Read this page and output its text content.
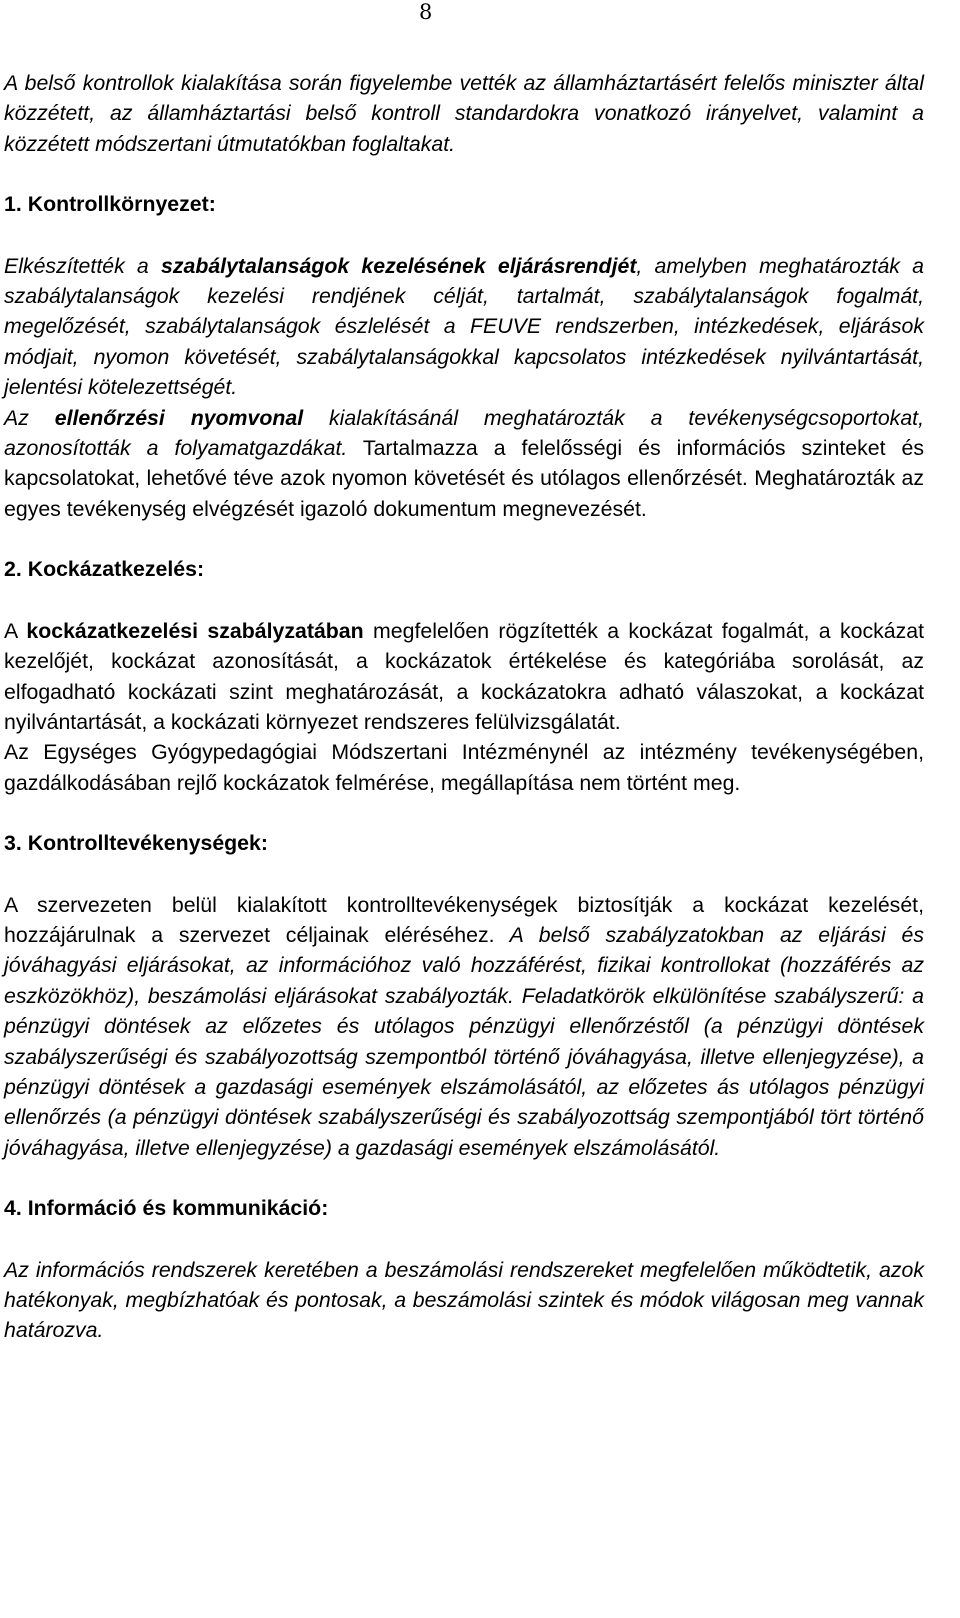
8

A belső kontrollok kialakítása során figyelembe vették az államháztartásért felelős miniszter által közzétett, az államháztartási belső kontroll standardokra vonatkozó irányelvet, valamint a közzétett módszertani útmutatókban foglaltakat.

1. Kontrollkörnyezet:

Elkészítették a szabálytalanságok kezelésének eljárásrendjét, amelyben meghatározták a szabálytalanságok kezelési rendjének célját, tartalmát, szabálytalanságok fogalmát, megelőzését, szabálytalanságok észlelését a FEUVE rendszerben, intézkedések, eljárások módjait, nyomon követését, szabálytalanságokkal kapcsolatos intézkedések nyilvántartását, jelentési kötelezettségét.

Az ellenőrzési nyomvonal kialakításánál meghatározták a tevékenységcsoportokat, azonosították a folyamatgazdákat. Tartalmazza a felelősségi és információs szinteket és kapcsolatokat, lehetővé téve azok nyomon követését és utólagos ellenőrzését. Meghatározták az egyes tevékenység elvégzését igazoló dokumentum megnevezését.

2. Kockázatkezelés:

A kockázatkezelési szabályzatában megfelelően rögzítették a kockázat fogalmát, a kockázat kezelőjét, kockázat azonosítását, a kockázatok értékelése és kategóriába sorolását, az elfogadható kockázati szint meghatározását, a kockázatokra adható válaszokat, a kockázat nyilvántartását, a kockázati környezet rendszeres felülvizsgálatát.

Az Egységes Gyógypedagógiai Módszertani Intézménynél az intézmény tevékenységében, gazdálkodásában rejlő kockázatok felmérése, megállapítása nem történt meg.

3. Kontrolltevékenységek:

A szervezeten belül kialakított kontrolltevékenységek biztosítják a kockázat kezelését, hozzájárulnak a szervezet céljainak eléréséhez. A belső szabályzatokban az eljárási és jóváhagyási eljárásokat, az információhoz való hozzáférést, fizikai kontrollokat (hozzáférés az eszközökhöz), beszámolási eljárásokat szabályozták. Feladatkörök elkülönítése szabályszerű: a pénzügyi döntések az előzetes és utólagos pénzügyi ellenőrzéstől (a pénzügyi döntések szabályszerűségi és szabályozottság szempontból történő jóváhagyása, illetve ellenjegyzése), a pénzügyi döntések a gazdasági események elszámolásától, az előzetes ás utólagos pénzügyi ellenőrzés (a pénzügyi döntések szabályszerűségi és szabályozottság szempontjából tört történő jóváhagyása, illetve ellenjegyzése) a gazdasági események elszámolásától.

4. Információ és kommunikáció:

Az információs rendszerek keretében a beszámolási rendszereket megfelelően működtetik, azok hatékonyak, megbízhatóak és pontosak, a beszámolási szintek és módok világosan meg vannak határozva.
